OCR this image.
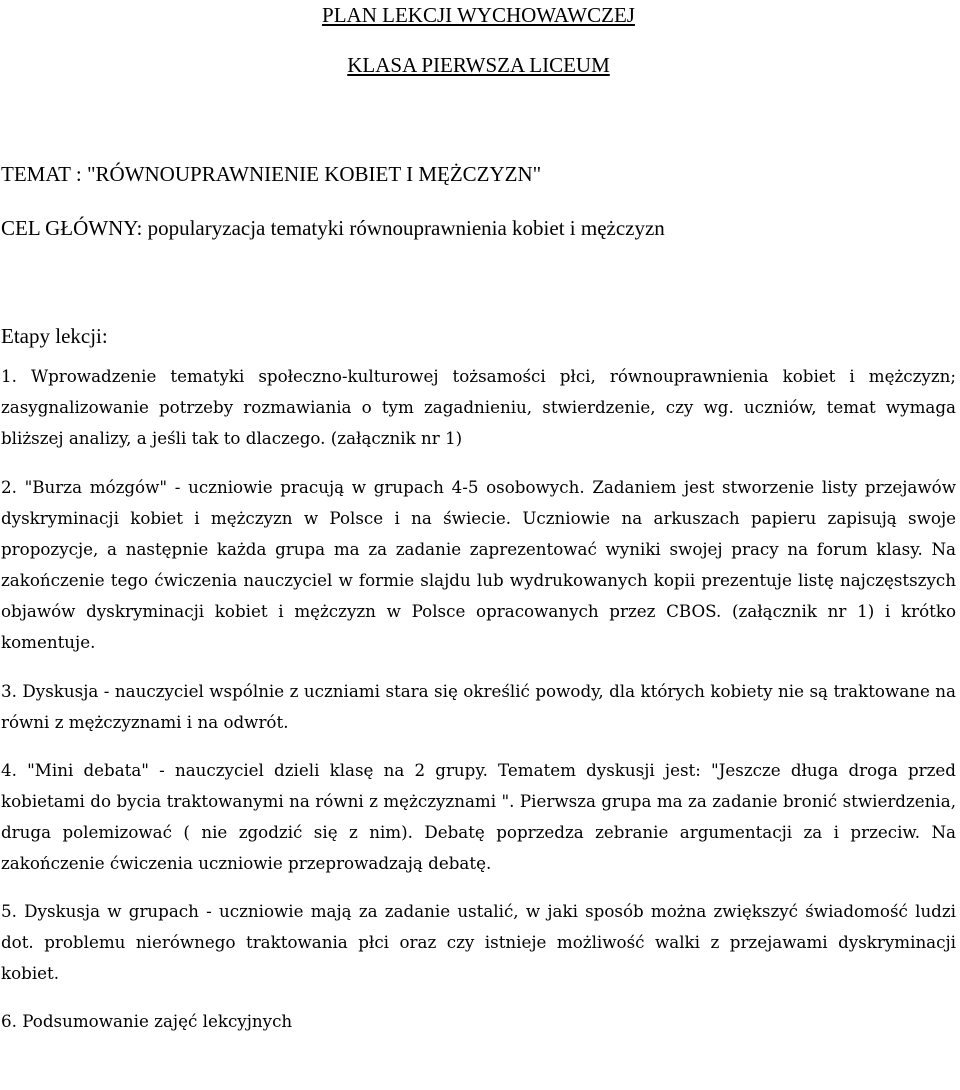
PLAN LEKCJI WYCHOWAWCZEJ

KLASA PIERWSZA LICEUM

TEMAT : "RÓWNOUPRAWNIENIE KOBIET I MĘŻCZYZN"

CEL GŁÓWNY: popularyzacja tematyki równouprawnienia kobiet i mężczyzn

Etapy lekcji:

1. Wprowadzenie tematyki społeczno-kulturowej tożsamości płci, równouprawnienia kobiet i mężczyzn; zasygnalizowanie potrzeby rozmawiania o tym zagadnieniu, stwierdzenie, czy wg. uczniów, temat wymaga bliższej analizy, a jeśli tak to dlaczego. (załącznik nr 1)

2. "Burza mózgów" - uczniowie pracują w grupach 4-5 osobowych. Zadaniem jest stworzenie listy przejawów dyskryminacji kobiet i mężczyzn w Polsce i na świecie. Uczniowie na arkuszach papieru zapisują swoje propozycje, a następnie każda grupa ma za zadanie zaprezentować wyniki swojej pracy na forum klasy. Na zakończenie tego ćwiczenia nauczyciel w formie slajdu lub wydrukowanych kopii prezentuje listę najczęstszych objawów dyskryminacji kobiet i mężczyzn w Polsce opracowanych przez CBOS. (załącznik nr 1) i krótko komentuje.

3. Dyskusja - nauczyciel wspólnie z uczniami stara się określić powody, dla których kobiety nie są traktowane na równi z mężczyznami i na odwrót.

4. "Mini debata" - nauczyciel dzieli klasę na 2 grupy. Tematem dyskusji jest: "Jeszcze długa droga przed kobietami do bycia traktowanymi na równi z mężczyznami ". Pierwsza grupa ma za zadanie bronić stwierdzenia, druga polemizować ( nie zgodzić się z nim). Debatę poprzedza zebranie argumentacji za i przeciw. Na zakończenie ćwiczenia uczniowie przeprowadzają debatę.

5. Dyskusja w grupach - uczniowie mają za zadanie ustalić, w jaki sposób można zwiększyć świadomość ludzi dot. problemu nierównego traktowania płci oraz czy istnieje możliwość walki z przejawami dyskryminacji kobiet.

6. Podsumowanie zajęć lekcyjnych
